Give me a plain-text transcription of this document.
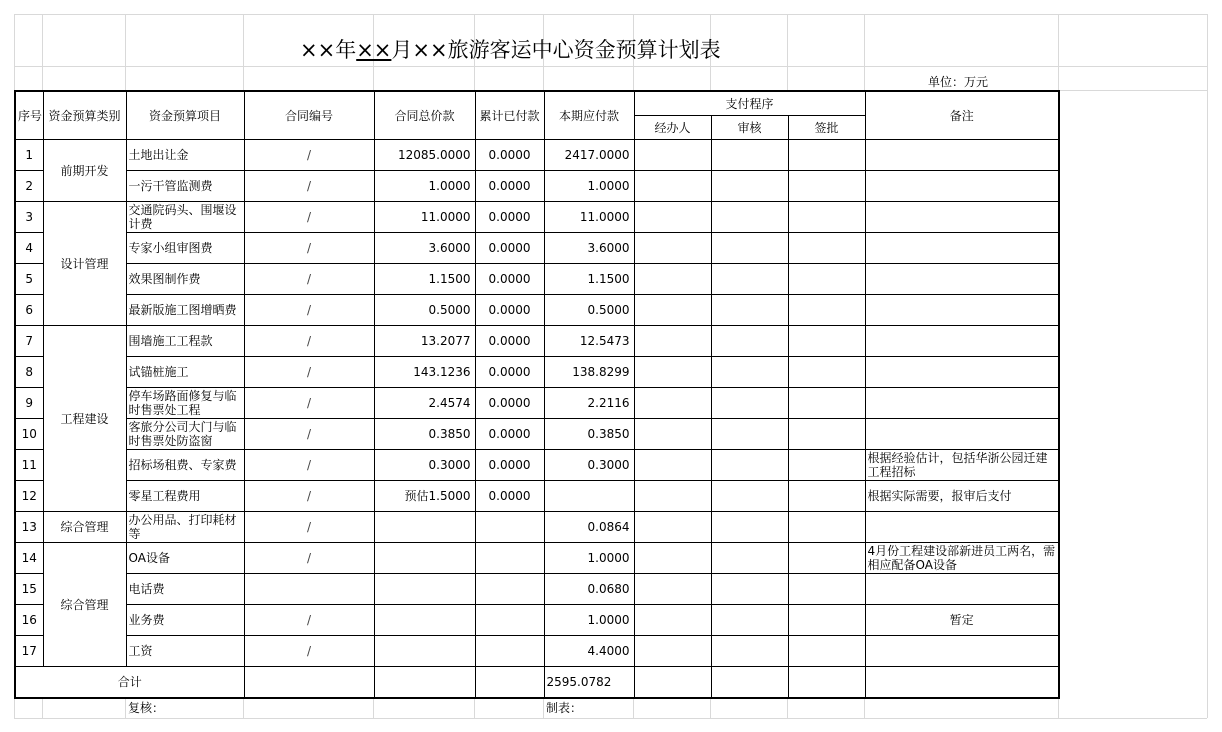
××年××月××旅游客运中心资金预算计划表
单位：万元
序号	资金预算类别	资金预算项目	合同编号	合同总价款	累计已付款	本期应付款	支付程序			备注
							经办人	审核	签批	
1	前期开发	土地出让金	/	12085.0000	0.0000	2417.0000				
2		一污干管监测费	/	1.0000	0.0000	1.0000				
3	设计管理	交通院码头、围堰设计费	/	11.0000	0.0000	11.0000				
4		专家小组审图费	/	3.6000	0.0000	3.6000				
5		效果图制作费	/	1.1500	0.0000	1.1500				
6		最新版施工图增晒费	/	0.5000	0.0000	0.5000				
7	工程建设	围墙施工工程款	/	13.2077	0.0000	12.5473				
8		试锚桩施工	/	143.1236	0.0000	138.8299				
9		停车场路面修复与临时售票处工程	/	2.4574	0.0000	2.2116				
10		客旅分公司大门与临时售票处防盗窗	/	0.3850	0.0000	0.3850				
11		招标场租费、专家费	/	0.3000	0.0000	0.3000				根据经验估计，包括华浙公园迁建工程招标
12		零星工程费用	/	预估1.5000	0.0000					根据实际需要，报审后支付
13	综合管理	办公用品、打印耗材等	/			0.0864				
14	综合管理	OA设备	/			1.0000				4月份工程建设部新进员工两名，需相应配备OA设备
15		电话费				0.0680				
16		业务费	/			1.0000				暂定
17		工资	/			4.4000				
合计						2595.0782				
复核：	制表：
